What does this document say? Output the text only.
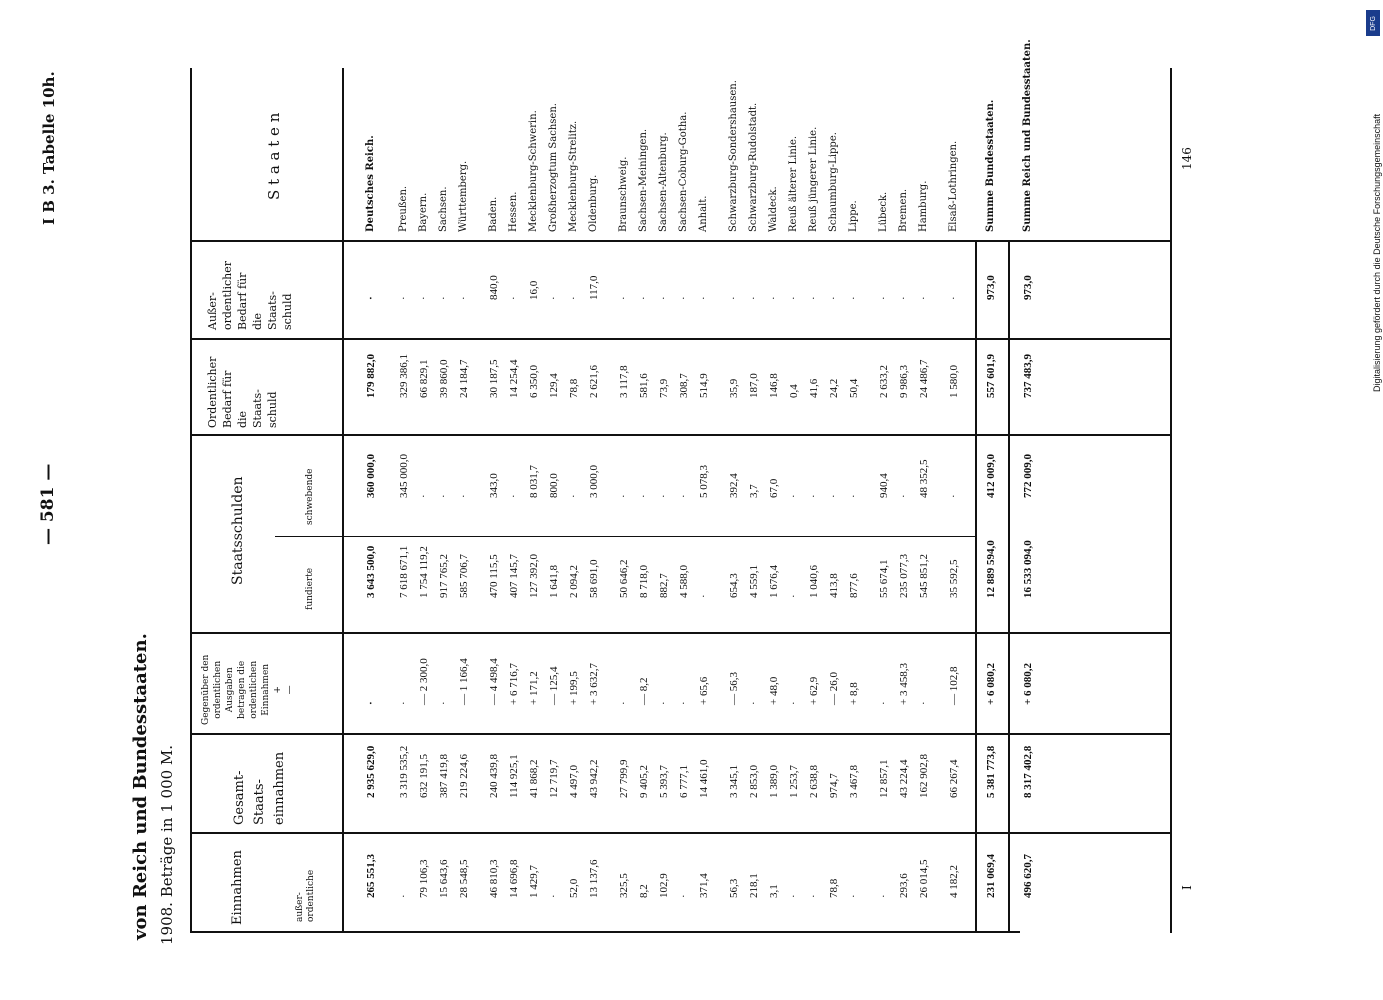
— 581 —
I B 3. Tabelle 10h.
von Reich und Bundesstaaten. 1908. Beträge in 1 000 M.
146
I
Digitalisierung gefördert durch die Deutsche Forschungsgemeinschaft
DFG
S t a a t e n
Außer-
ordentlicher
Bedarf für
die
Staats-
schuld
Ordentlicher
Bedarf für
die
Staats-
schuld
Staatsschulden	schwebende
fundierte
Gegenüber den
ordentlichen
Ausgaben
betragen die
ordentlichen
Einnahmen
+
—
Gesamt-
Staats-
einnahmen
Einnahmen	außer-
ordentliche
Deutsches Reich.
·
179 882,0
360 000,0
3 643 500,0
·
2 935 629,0
265 551,3
Preußen.
·
329 386,1
345 000,0
7 618 671,1
·
3 319 535,2
·
Bayern.
·
66 829,1
·
1 754 119,2
— 2 300,0
632 191,5
79 106,3
Sachsen.
·
39 860,0
·
917 765,2
·
387 419,8
15 643,6
Württemberg.
·
24 184,7
·
585 706,7
— 1 166,4
219 224,6
28 548,5
Baden.
840,0
30 187,5
343,0
470 115,5
— 4 498,4
240 439,8
46 810,3
Hessen.
·
14 254,4
·
407 145,7
+ 6 716,7
114 925,1
14 696,8
Mecklenburg-Schwerin.
16,0
6 350,0
8 031,7
127 392,0
+ 171,2
41 868,2
1 429,7
Großherzogtum Sachsen.
·
129,4
800,0
1 641,8
— 125,4
12 719,7
·
Mecklenburg-Strelitz.
·
78,8
·
2 094,2
+ 199,5
4 497,0
52,0
Oldenburg.
117,0
2 621,6
3 000,0
58 691,0
+ 3 632,7
43 942,2
13 137,6
Braunschweig.
·
3 117,8
·
50 646,2
·
27 799,9
325,5
Sachsen-Meiningen.
·
581,6
·
8 718,0
— 8,2
9 405,2
8,2
Sachsen-Altenburg.
·
73,9
·
882,7
·
5 393,7
102,9
Sachsen-Coburg-Gotha.
·
308,7
·
4 588,0
·
6 777,1
·
Anhalt.
·
514,9
5 078,3
·
+ 65,6
14 461,0
371,4
Schwarzburg-Sondershausen.
·
35,9
392,4
654,3
— 56,3
3 345,1
56,3
Schwarzburg-Rudolstadt.
·
187,0
3,7
4 559,1
·
2 853,0
218,1
Waldeck.
·
146,8
67,0
1 676,4
+ 48,0
1 389,0
3,1
Reuß älterer Linie.
·
0,4
·
·
·
1 253,7
·
Reuß jüngerer Linie.
·
41,6
·
1 040,6
+ 62,9
2 638,8
·
Schaumburg-Lippe.
·
24,2
·
413,8
— 26,0
974,7
78,8
Lippe.
·
50,4
·
877,6
+ 8,8
3 467,8
·
Lübeck.
·
2 633,2
940,4
55 674,1
·
12 857,1
·
Bremen.
·
9 986,3
·
235 077,3
+ 3 458,3
43 224,4
293,6
Hamburg.
·
24 486,7
48 352,5
545 851,2
·
162 902,8
26 014,5
Elsaß-Lothringen.
·
1 580,0
·
35 592,5
— 102,8
66 267,4
4 182,2
Summe Bundesstaaten.
973,0
557 601,9
412 009,0
12 889 594,0
+ 6 080,2
5 381 773,8
231 069,4
Summe Reich und Bundesstaaten.
973,0
737 483,9
772 009,0
16 533 094,0
+ 6 080,2
8 317 402,8
496 620,7
